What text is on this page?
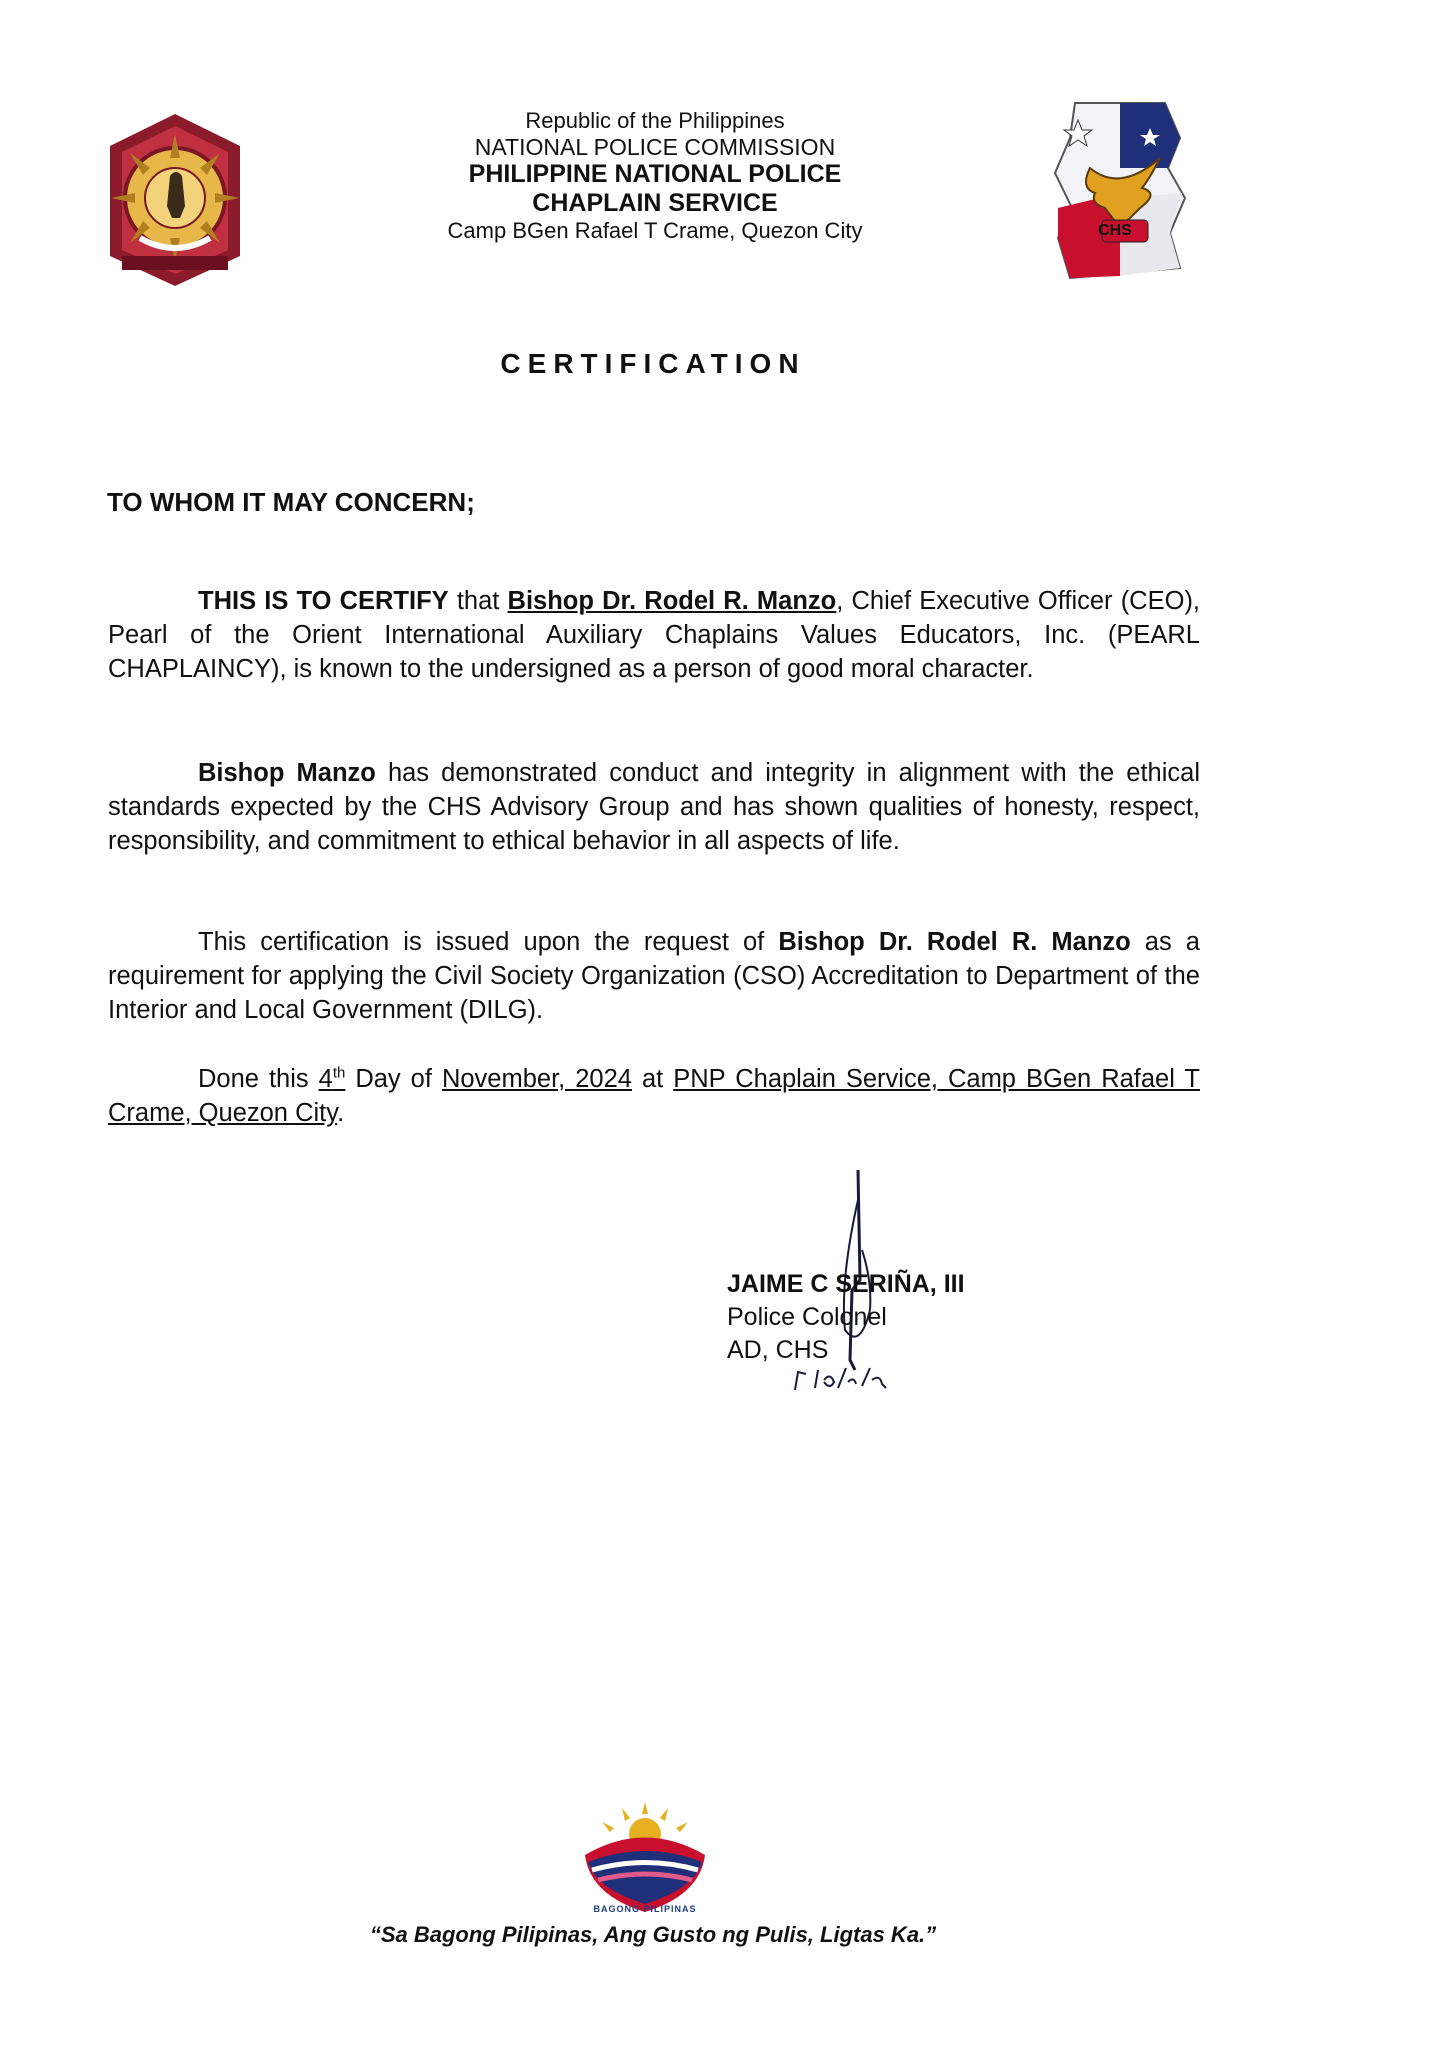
Republic of the Philippines
NATIONAL POLICE COMMISSION
PHILIPPINE NATIONAL POLICE
CHAPLAIN SERVICE
Camp BGen Rafael T Crame, Quezon City	CHS
CERTIFICATION
TO WHOM IT MAY CONCERN;
THIS IS TO CERTIFY that Bishop Dr. Rodel R. Manzo, Chief Executive Officer (CEO), Pearl of the Orient International Auxiliary Chaplains Values Educators, Inc. (PEARL CHAPLAINCY), is known to the undersigned as a person of good moral character.
Bishop Manzo has demonstrated conduct and integrity in alignment with the ethical standards expected by the CHS Advisory Group and has shown qualities of honesty, respect, responsibility, and commitment to ethical behavior in all aspects of life.
This certification is issued upon the request of Bishop Dr. Rodel R. Manzo as a requirement for applying the Civil Society Organization (CSO) Accreditation to Department of the Interior and Local Government (DILG).
Done this 4th Day of November, 2024 at PNP Chaplain Service, Camp BGen Rafael T Crame, Quezon City.
JAIME C SERIÑA, III
Police Colonel
AD, CHS
BAGONG PILIPINAS
“Sa Bagong Pilipinas, Ang Gusto ng Pulis, Ligtas Ka.”
